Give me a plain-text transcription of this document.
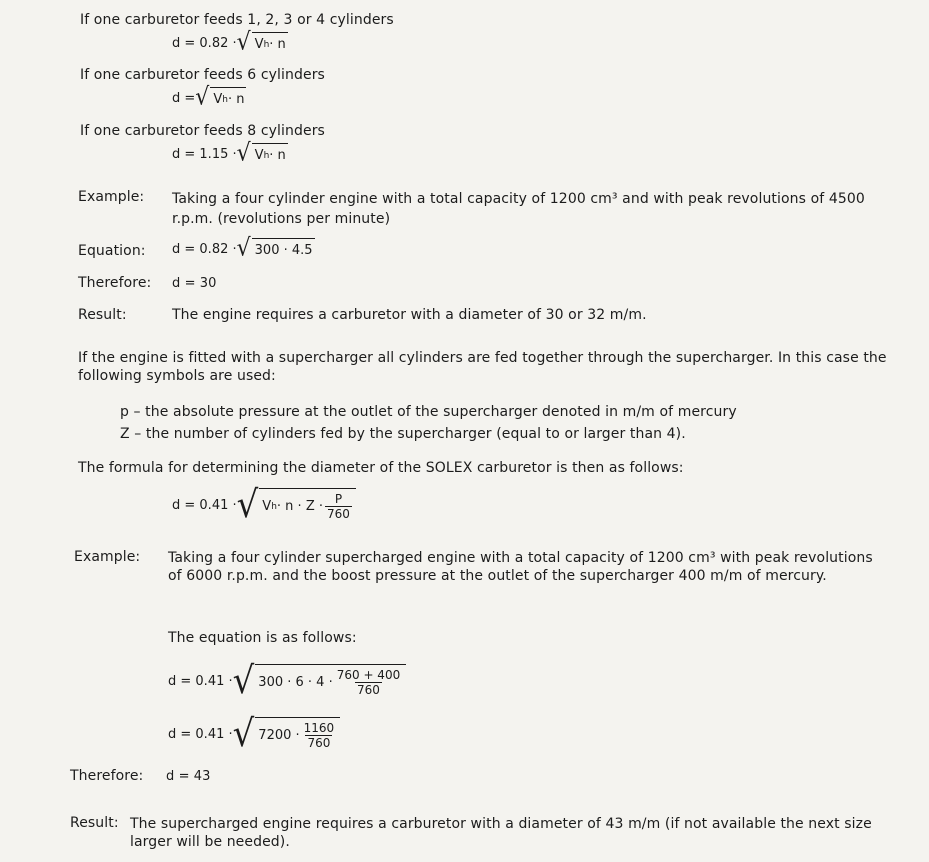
If one carburetor feeds 1, 2, 3 or 4 cylinders
d = 0.82 · √ V h · n
If one carburetor feeds 6 cylinders
d = √ V h · n
If one carburetor feeds 8 cylinders
d = 1.15 · √ V h · n
Example: Taking a four cylinder engine with a total capacity of 1200 cm³ and with peak revolutions of 4500 r.p.m. (revolutions per minute)
Equation: d = 0.82 · √ 300 · 4.5
Therefore: d = 30
Result:	The engine requires a carburetor with a diameter of 30 or 32 m/m.
If the engine is fitted with a supercharger all cylinders are fed together through the supercharger. In this case the following symbols are used:
p – the absolute pressure at the outlet of the supercharger denoted in m/m of mercury
Z – the number of cylinders fed by the supercharger (equal to or larger than 4).
The formula for determining the diameter of the SOLEX carburetor is then as follows:
d = 0.41 · √ V $h \cdot n \cdot Z \cdot \frac{P}{760}$
Example: Taking a four cylinder supercharged engine with a total capacity of 1200 cm³ with peak revolutions of 6000 r.p.m. and the boost pressure at the outlet of the supercharger 400 m/m of mercury.
The equation is as follows:
d = 0.41 · √ $300 \cdot 6 \cdot 4 \cdot \frac{760 + 400}{760}$
d = 0.41 · √ $7200 \cdot \frac{1160}{760}$
Therefore: d = 43
Result: The supercharged engine requires a carburetor with a diameter of 43 m/m (if not available the next size larger will be needed).
